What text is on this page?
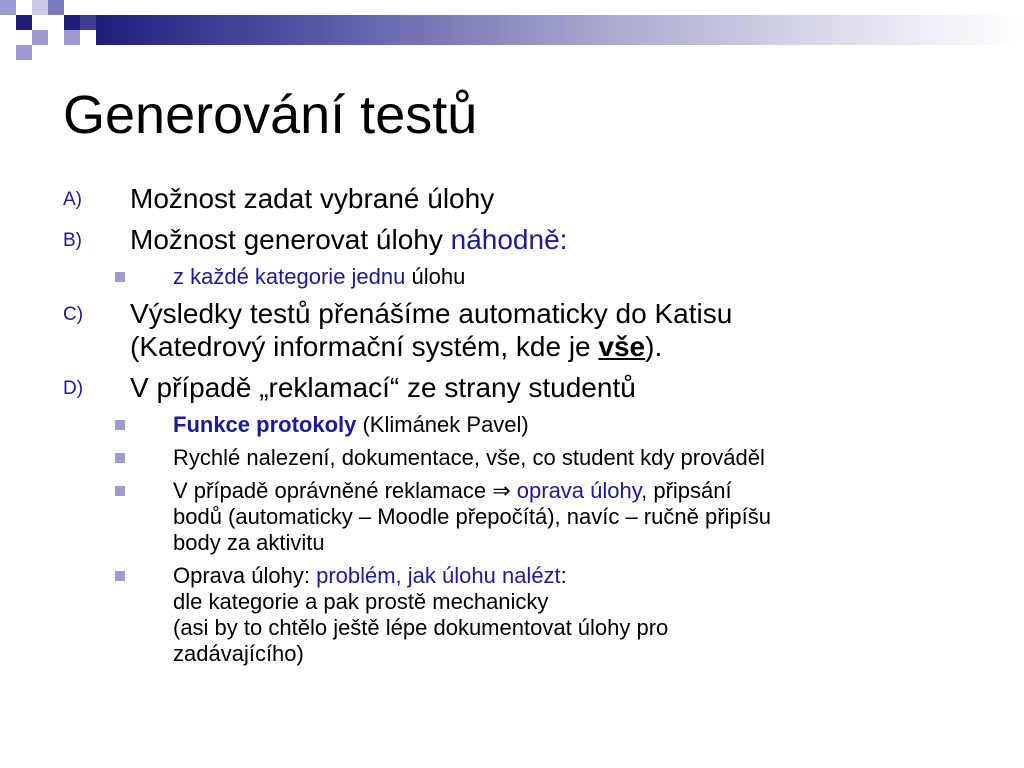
Generování testů
A) Možnost zadat vybrané úlohy
B) Možnost generovat úlohy náhodně:
z každé kategorie jednu úlohu
C) Výsledky testů přenášíme automaticky do Katisu
(Katedrový informační systém, kde je vše).
D) V případě „reklamací“ ze strany studentů
Funkce protokoly (Klimánek Pavel)
Rychlé nalezení, dokumentace, vše, co student kdy prováděl
V případě oprávněné reklamace ⇒ oprava úlohy, připsání
bodů (automaticky – Moodle přepočítá), navíc – ručně připíšu
body za aktivitu
Oprava úlohy: problém, jak úlohu nalézt:
dle kategorie a pak prostě mechanicky
(asi by to chtělo ještě lépe dokumentovat úlohy pro
zadávajícího)
